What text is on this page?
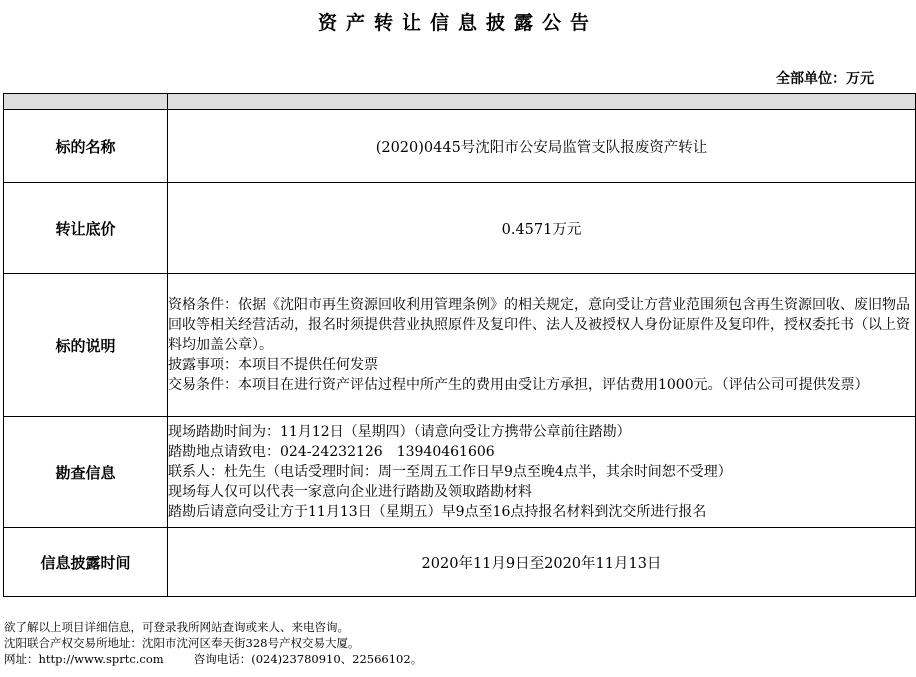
资产转让信息披露公告
全部单位：万元

标的名称	(2020)0445号沈阳市公安局监管支队报废资产转让
转让底价	0.4571万元
标的说明	资格条件：依据《沈阳市再生资源回收利用管理条例》的相关规定，意向受让方营业范围须包含再生资源回收、废旧物品回收等相关经营活动，报名时须提供营业执照原件及复印件、法人及被授权人身份证原件及复印件，授权委托书（以上资料均加盖公章）。
披露事项：本项目不提供任何发票
交易条件：本项目在进行资产评估过程中所产生的费用由受让方承担，评估费用1000元。（评估公司可提供发票）

勘查信息	现场踏勘时间为：11月12日（星期四）（请意向受让方携带公章前往踏勘）
踏勘地点请致电：024-24232126　13940461606
联系人：杜先生（电话受理时间：周一至周五工作日早9点至晚4点半，其余时间恕不受理）
现场每人仅可以代表一家意向企业进行踏勘及领取踏勘材料
踏勘后请意向受让方于11月13日（星期五）早9点至16点持报名材料到沈交所进行报名

信息披露时间	2020年11月9日至2020年11月13日
欲了解以上项目详细信息，可登录我所网站查询或来人、来电咨询。
沈阳联合产权交易所地址：沈阳市沈河区奉天街328号产权交易大厦。
网址：http://www.sprtc.com	咨询电话：(024)23780910、22566102。
